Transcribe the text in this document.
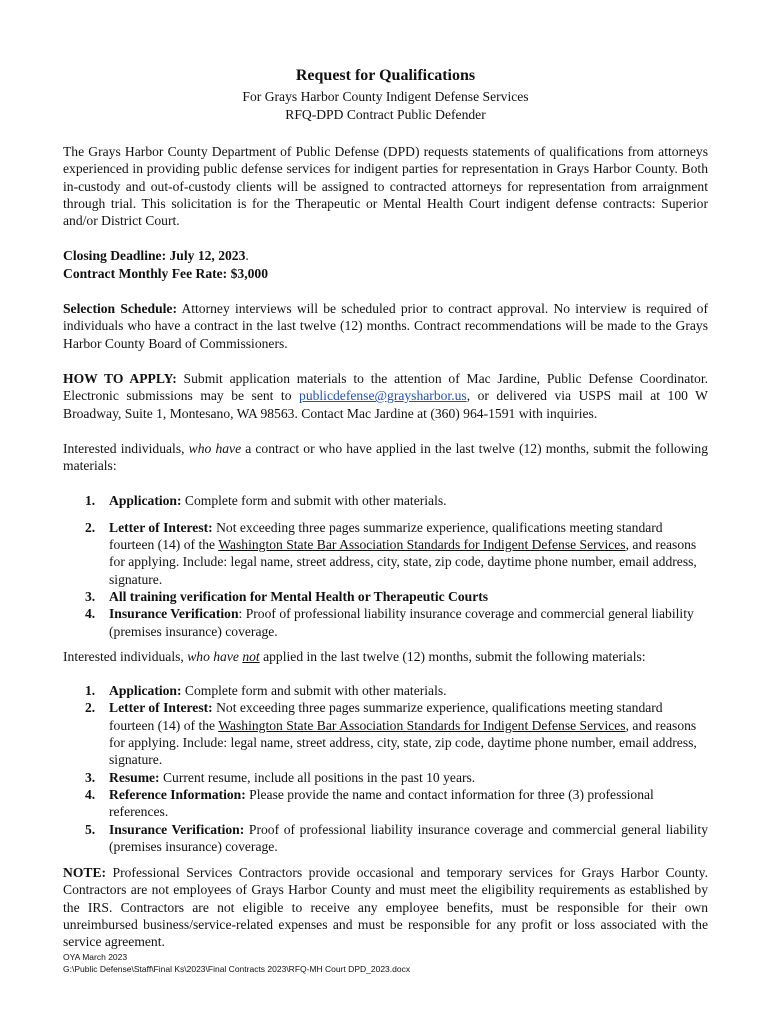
Request for Qualifications
For Grays Harbor County Indigent Defense Services
RFQ-DPD Contract Public Defender

The Grays Harbor County Department of Public Defense (DPD) requests statements of qualifications from attorneys experienced in providing public defense services for indigent parties for representation in Grays Harbor County. Both in-custody and out-of-custody clients will be assigned to contracted attorneys for representation from arraignment through trial. This solicitation is for the Therapeutic or Mental Health Court indigent defense contracts: Superior and/or District Court.

Closing Deadline: July 12, 2023.

Contract Monthly Fee Rate: $3,000

Selection Schedule: Attorney interviews will be scheduled prior to contract approval. No interview is required of individuals who have a contract in the last twelve (12) months. Contract recommendations will be made to the Grays Harbor County Board of Commissioners.

HOW TO APPLY: Submit application materials to the attention of Mac Jardine, Public Defense Coordinator. Electronic submissions may be sent to publicdefense@graysharbor.us, or delivered via USPS mail at 100 W Broadway, Suite 1, Montesano, WA 98563. Contact Mac Jardine at (360) 964-1591 with inquiries.

Interested individuals, who have a contract or who have applied in the last twelve (12) months, submit the following materials:

1. Application: Complete form and submit with other materials.
2. Letter of Interest: Not exceeding three pages summarize experience, qualifications meeting standard fourteen (14) of the Washington State Bar Association Standards for Indigent Defense Services, and reasons for applying. Include: legal name, street address, city, state, zip code, daytime phone number, email address, signature.
3. All training verification for Mental Health or Therapeutic Courts
4. Insurance Verification: Proof of professional liability insurance coverage and commercial general liability (premises insurance) coverage.

Interested individuals, who have not applied in the last twelve (12) months, submit the following materials:

1. Application: Complete form and submit with other materials.
2. Letter of Interest: Not exceeding three pages summarize experience, qualifications meeting standard fourteen (14) of the Washington State Bar Association Standards for Indigent Defense Services, and reasons for applying. Include: legal name, street address, city, state, zip code, daytime phone number, email address, signature.
3. Resume: Current resume, include all positions in the past 10 years.
4. Reference Information: Please provide the name and contact information for three (3) professional references.
5. Insurance Verification: Proof of professional liability insurance coverage and commercial general liability (premises insurance) coverage.

NOTE: Professional Services Contractors provide occasional and temporary services for Grays Harbor County. Contractors are not employees of Grays Harbor County and must meet the eligibility requirements as established by the IRS. Contractors are not eligible to receive any employee benefits, must be responsible for their own unreimbursed business/service-related expenses and must be responsible for any profit or loss associated with the service agreement.

OYA March 2023
G:\Public Defense\Staff\Final Ks\2023\Final Contracts 2023\RFQ-MH Court DPD_2023.docx
